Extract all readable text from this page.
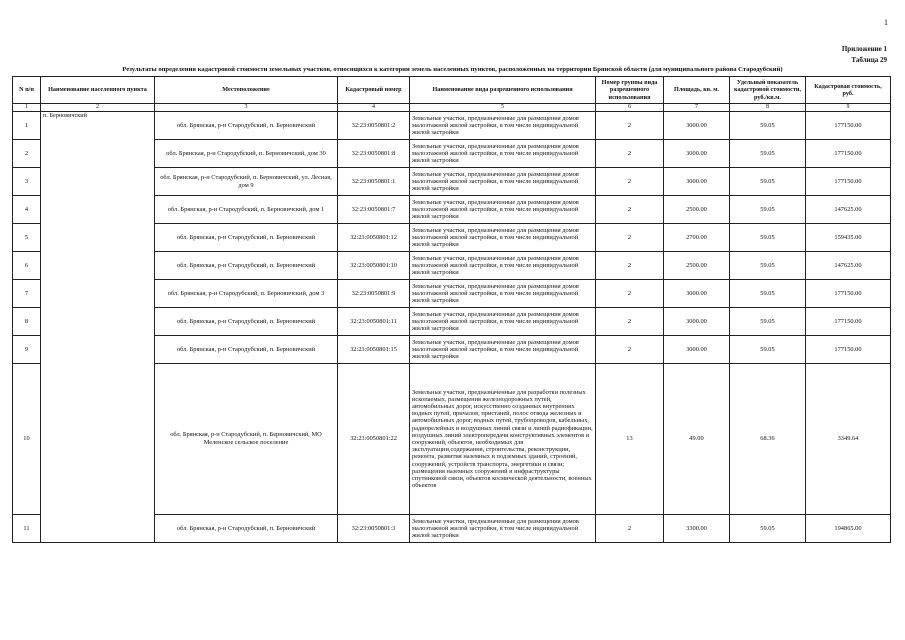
1
Приложение 1
Таблица 29
Результаты определения кадастровой стоимости земельных участков, относящихся к категории земель населенных пунктов, расположенных на территории Брянской области (для муниципального района Стародубский)
N п/п	Наименование населенного пункта	Местоположение	Кадастровый номер	Наименование вида разрешенного использования	Номер группы вида разрешенного использования	Площадь, кв. м.	Удельный показатель кадастровой стоимости, руб./кв.м.	Кадастровая стоимость, руб.
1	2	3	4	5	6	7	8	9
1	п. Берновичский	обл. Брянская, р-н Стародубский, п. Берновичский	32:23:0050801:2	Земельные участки, предназначенные для размещения домов малоэтажной жилой застройки, в том числе индивидуальной жилой застройки	2	3000.00	59.05	177150.00
2		обл. Брянская, р-н Стародубский, п. Берновичский, дом 30	32:23:0050801:8	Земельные участки, предназначенные для размещения домов малоэтажной жилой застройки, в том числе индивидуальной жилой застройки	2	3000.00	59.05	177150.00
3		обл. Брянская, р-н Стародубский, п. Берновичский, ул. Лесная, дом 9	32:23:0050801:1	Земельные участки, предназначенные для размещения домов малоэтажной жилой застройки, в том числе индивидуальной жилой застройки	2	3000.00	59.05	177150.00
4		обл. Брянская, р-н Стародубский, п. Берновичский, дом 1	32:23:0050801:7	Земельные участки, предназначенные для размещения домов малоэтажной жилой застройки, в том числе индивидуальной жилой застройки	2	2500.00	59.05	147625.00
5		обл. Брянская, р-н Стародубский, п. Берновичский	32:23:0050801:12	Земельные участки, предназначенные для размещения домов малоэтажной жилой застройки, в том числе индивидуальной жилой застройки	2	2700.00	59.05	159435.00
6		обл. Брянская, р-н Стародубский, п. Берновичский	32:23:0050801:10	Земельные участки, предназначенные для размещения домов малоэтажной жилой застройки, в том числе индивидуальной жилой застройки	2	2500.00	59.05	147625.00
7		обл. Брянская, р-н Стародубский, п. Берновичский, дом 3	32:23:0050801:9	Земельные участки, предназначенные для размещения домов малоэтажной жилой застройки, в том числе индивидуальной жилой застройки	2	3000.00	59.05	177150.00
8		обл. Брянская, р-н Стародубский, п. Берновичский	32:23:0050801:11	Земельные участки, предназначенные для размещения домов малоэтажной жилой застройки, в том числе индивидуальной жилой застройки	2	3000.00	59.05	177150.00
9		обл. Брянская, р-н Стародубский, п. Берновичский	32:23:0050801:15	Земельные участки, предназначенные для размещения домов малоэтажной жилой застройки, в том числе индивидуальной жилой застройки	2	3000.00	59.05	177150.00
10		обл. Брянская, р-н Стародубский, п. Берновичский, МО Меленское сельское поселение	32:23:0050801:22	Земельные участки, предназначенные для разработки полезных ископаемых, размещения железнодорожных путей, автомобильных дорог, искусственно созданных внутренних водных путей, причалов, пристаней, полос отвода железных и автомобильных дорог, водных путей, трубопроводов, кабельных, радиорелейных и воздушных линий связи и линий радиофикации, воздушных линий электропередачи конструктивных элементов и сооружений, объектов, необходимых для эксплуатации,содержания, строительства, реконструкции, ремонта, развития наземных и подземных зданий, строений, сооружений, устройств транспорта, энергетики и связи; размещения наземных сооружений и инфраструктуры спутниковой связи, объектов космической деятельности, военных объектов	13	49.00	68.36	3349.64
11		обл. Брянская, р-н Стародубский, п. Берновичский	32:23:0050801:3	Земельные участки, предназначенные для размещения домов малоэтажной жилой застройки, в том числе индивидуальной жилой застройки	2	3300.00	59.05	194865.00
